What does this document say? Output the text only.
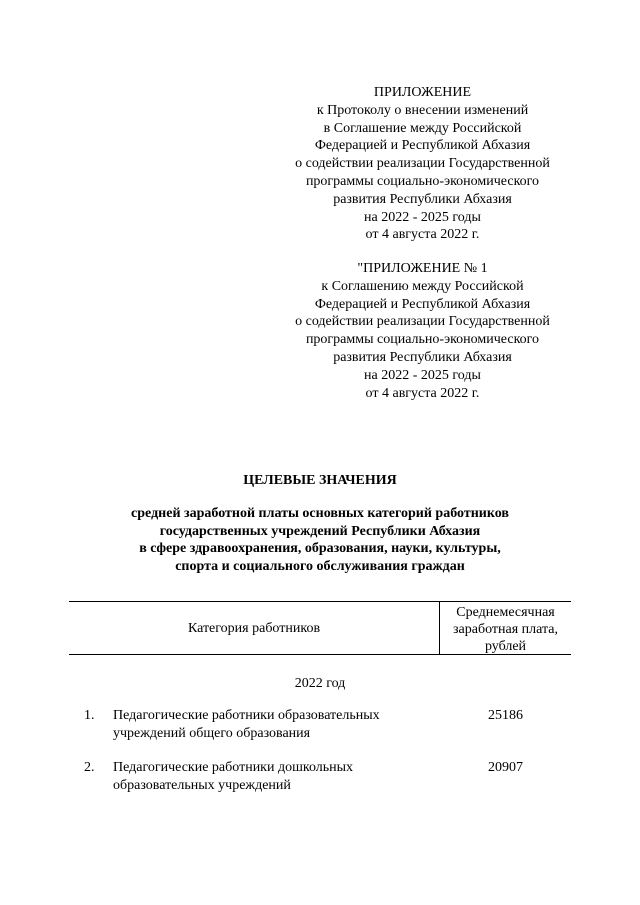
ПРИЛОЖЕНИЕ
к Протоколу о внесении изменений
в Соглашение между Российской
Федерацией и Республикой Абхазия
о содействии реализации Государственной
программы социально-экономического
развития Республики Абхазия
на 2022 - 2025 годы
от 4 августа 2022 г.
"ПРИЛОЖЕНИЕ № 1
к Соглашению между Российской
Федерацией и Республикой Абхазия
о содействии реализации Государственной
программы социально-экономического
развития Республики Абхазия
на 2022 - 2025 годы
от 4 августа 2022 г.
ЦЕЛЕВЫЕ ЗНАЧЕНИЯ
средней заработной платы основных категорий работников
государственных учреждений Республики Абхазия
в сфере здравоохранения, образования, науки, культуры,
спорта и социального обслуживания граждан
Категория работников
Среднемесячная
заработная плата,
рублей
2022 год
1.	Педагогические работники образовательных
учреждений общего образования
25186
2.	Педагогические работники дошкольных
образовательных учреждений
20907
